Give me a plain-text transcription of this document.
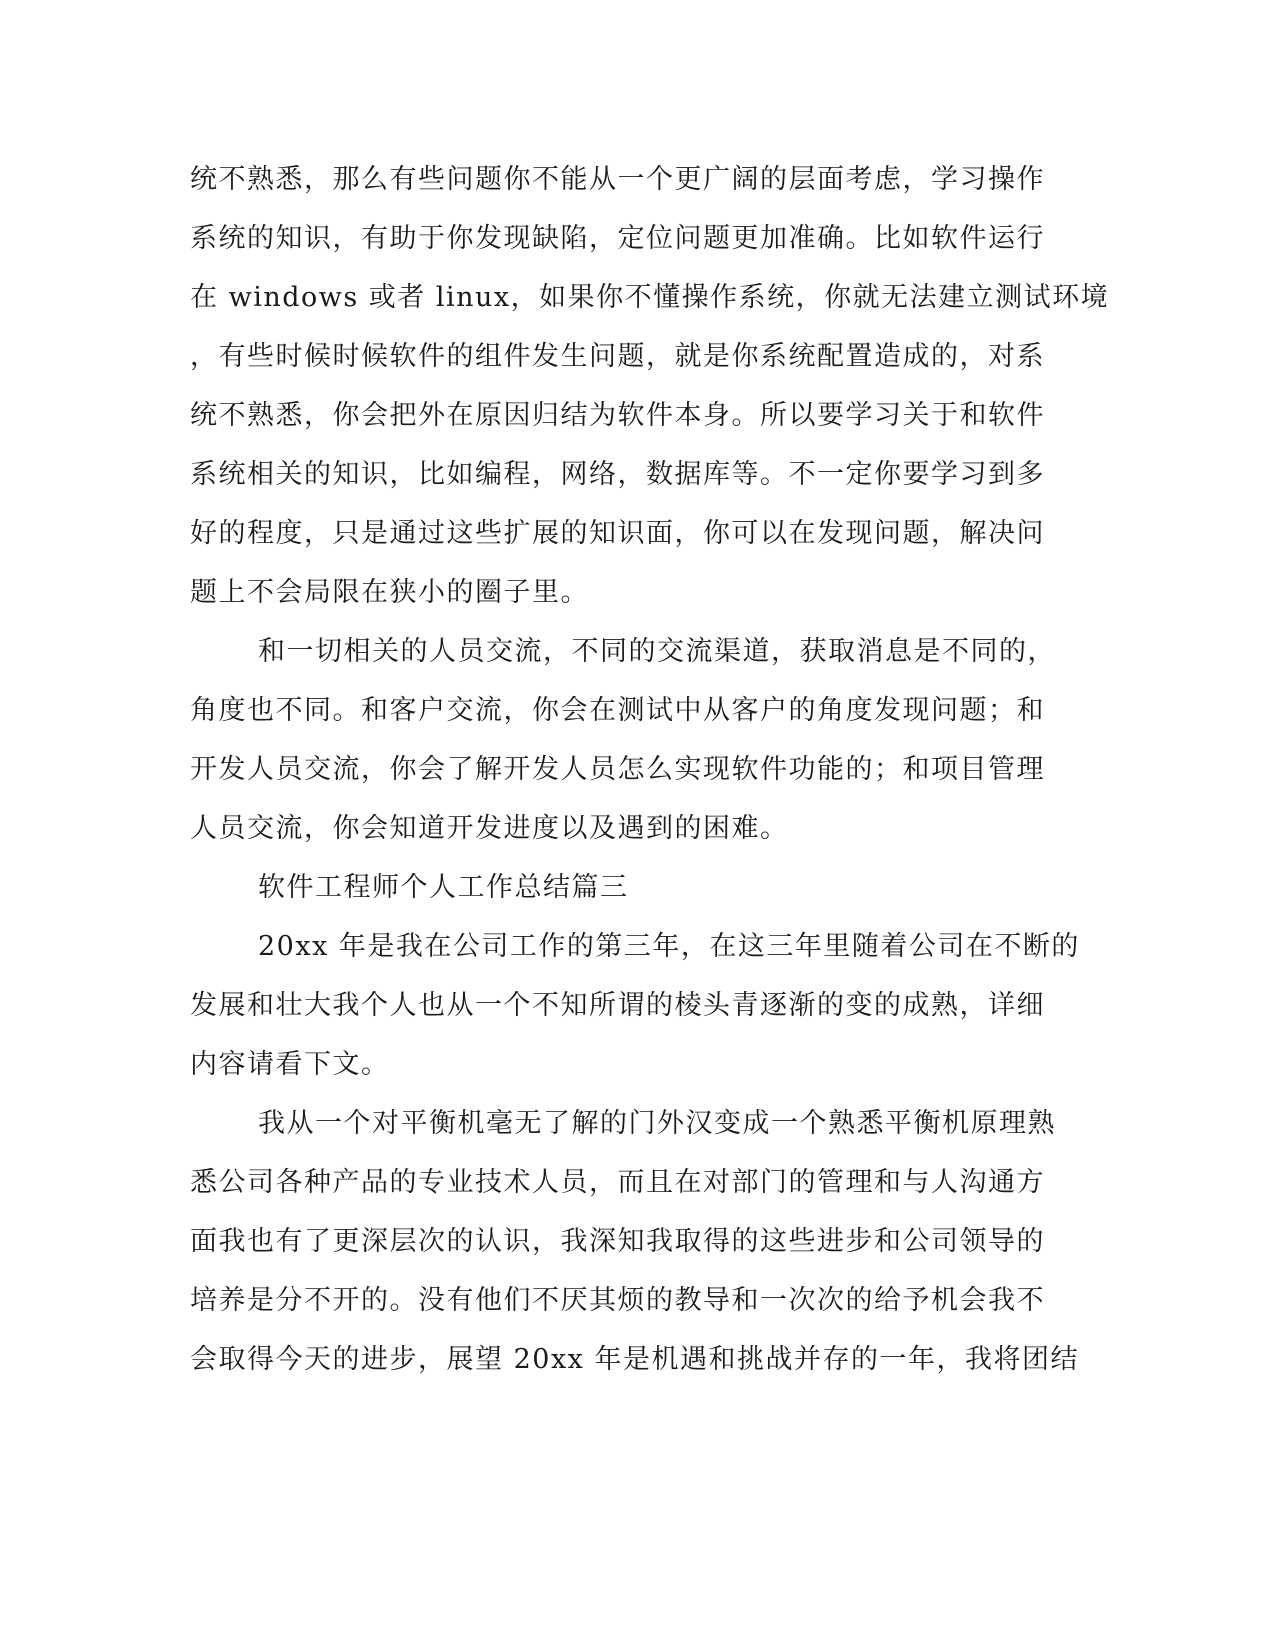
统不熟悉，那么有些问题你不能从一个更广阔的层面考虑，学习操作
系统的知识，有助于你发现缺陷，定位问题更加准确。比如软件运行
在 windows 或者 linux，如果你不懂操作系统，你就无法建立测试环境
，有些时候时候软件的组件发生问题，就是你系统配置造成的，对系
统不熟悉，你会把外在原因归结为软件本身。所以要学习关于和软件
系统相关的知识，比如编程，网络，数据库等。不一定你要学习到多
好的程度，只是通过这些扩展的知识面，你可以在发现问题，解决问
题上不会局限在狭小的圈子里。
和一切相关的人员交流，不同的交流渠道，获取消息是不同的，
角度也不同。和客户交流，你会在测试中从客户的角度发现问题；和
开发人员交流，你会了解开发人员怎么实现软件功能的；和项目管理
人员交流，你会知道开发进度以及遇到的困难。
软件工程师个人工作总结篇三
20xx 年是我在公司工作的第三年，在这三年里随着公司在不断的
发展和壮大我个人也从一个不知所谓的棱头青逐渐的变的成熟，详细
内容请看下文。
我从一个对平衡机毫无了解的门外汉变成一个熟悉平衡机原理熟
悉公司各种产品的专业技术人员，而且在对部门的管理和与人沟通方
面我也有了更深层次的认识，我深知我取得的这些进步和公司领导的
培养是分不开的。没有他们不厌其烦的教导和一次次的给予机会我不
会取得今天的进步，展望 20xx 年是机遇和挑战并存的一年，我将团结
